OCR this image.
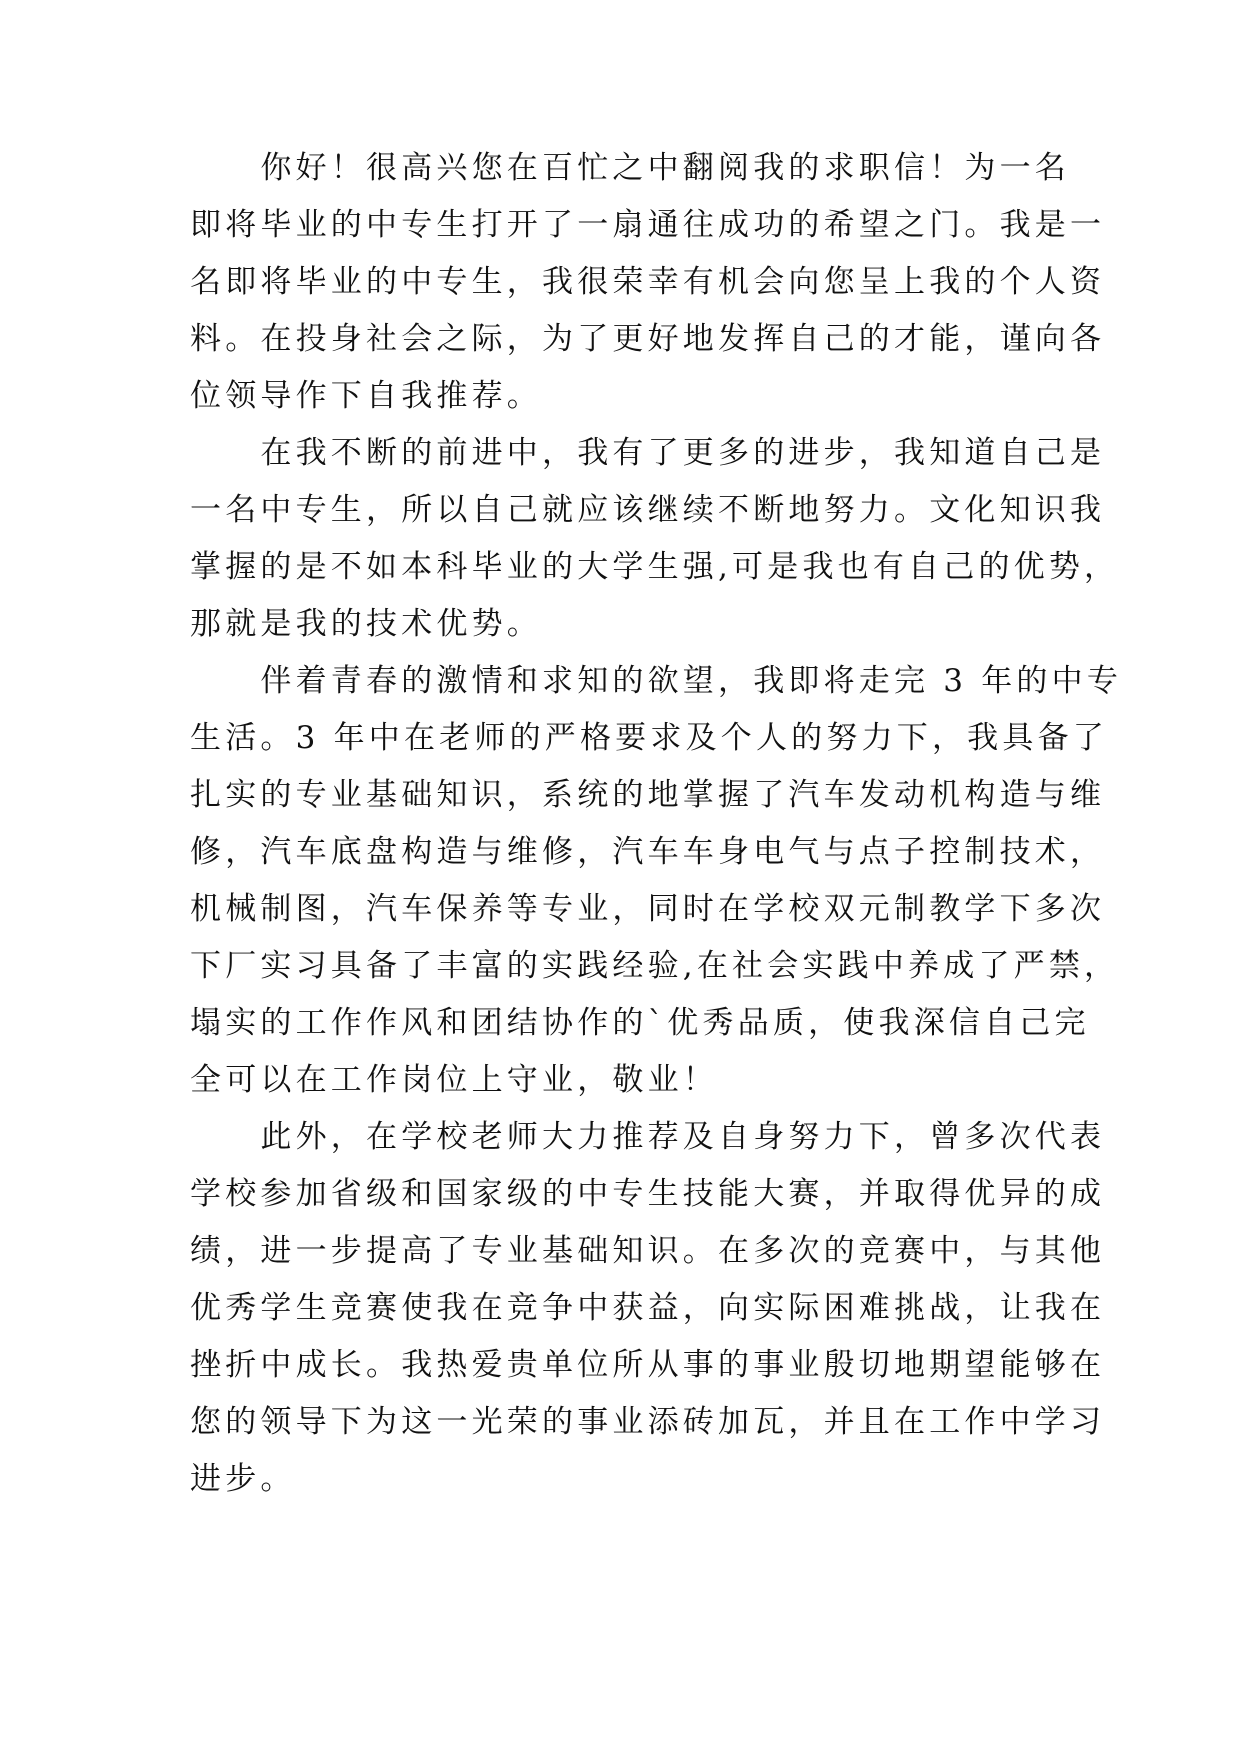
　　你好！很高兴您在百忙之中翻阅我的求职信！为一名

即将毕业的中专生打开了一扇通往成功的希望之门。我是一

名即将毕业的中专生，我很荣幸有机会向您呈上我的个人资

料。在投身社会之际，为了更好地发挥自己的才能，谨向各

位领导作下自我推荐。

　　在我不断的前进中，我有了更多的进步，我知道自己是

一名中专生，所以自己就应该继续不断地努力。文化知识我

掌握的是不如本科毕业的大学生强,可是我也有自己的优势，

那就是我的技术优势。

　　伴着青春的激情和求知的欲望，我即将走完 3 年的中专

生活。3 年中在老师的严格要求及个人的努力下，我具备了

扎实的专业基础知识，系统的地掌握了汽车发动机构造与维

修，汽车底盘构造与维修，汽车车身电气与点子控制技术，

机械制图，汽车保养等专业，同时在学校双元制教学下多次

下厂实习具备了丰富的实践经验,在社会实践中养成了严禁，

塌实的工作作风和团结协作的`优秀品质，使我深信自己完

全可以在工作岗位上守业，敬业！

　　此外，在学校老师大力推荐及自身努力下，曾多次代表

学校参加省级和国家级的中专生技能大赛，并取得优异的成

绩，进一步提高了专业基础知识。在多次的竞赛中，与其他

优秀学生竞赛使我在竞争中获益，向实际困难挑战，让我在

挫折中成长。我热爱贵单位所从事的事业殷切地期望能够在

您的领导下为这一光荣的事业添砖加瓦，并且在工作中学习

进步。
